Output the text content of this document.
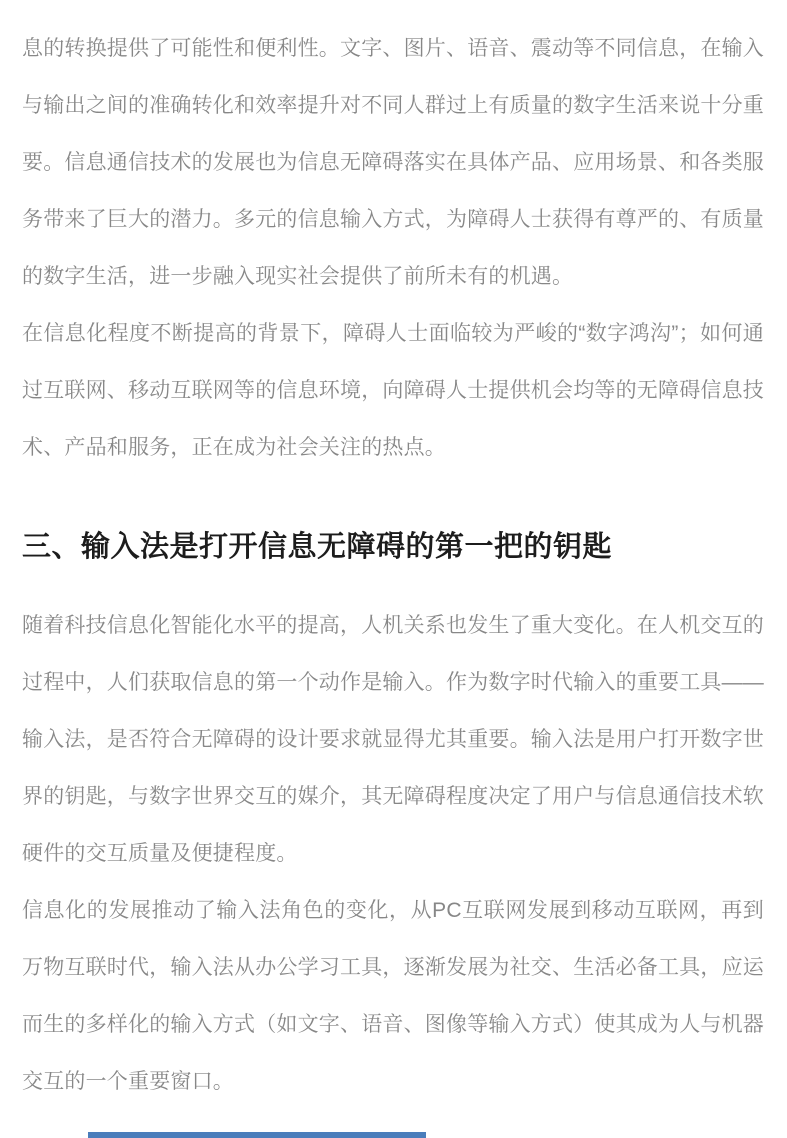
息的转换提供了可能性和便利性。文字、图片、语音、震动等不同信息，在输入与输出之间的准确转化和效率提升对不同人群过上有质量的数字生活来说十分重要。信息通信技术的发展也为信息无障碍落实在具体产品、应用场景、和各类服务带来了巨大的潜力。多元的信息输入方式，为障碍人士获得有尊严的、有质量的数字生活，进一步融入现实社会提供了前所未有的机遇。

在信息化程度不断提高的背景下，障碍人士面临较为严峻的“数字鸿沟”；如何通过互联网、移动互联网等的信息环境，向障碍人士提供机会均等的无障碍信息技术、产品和服务，正在成为社会关注的热点。

三、输入法是打开信息无障碍的第一把的钥匙

随着科技信息化智能化水平的提高，人机关系也发生了重大变化。在人机交互的过程中，人们获取信息的第一个动作是输入。作为数字时代输入的重要工具——输入法，是否符合无障碍的设计要求就显得尤其重要。输入法是用户打开数字世界的钥匙，与数字世界交互的媒介，其无障碍程度决定了用户与信息通信技术软硬件的交互质量及便捷程度。

信息化的发展推动了输入法角色的变化，从PC互联网发展到移动互联网，再到万物互联时代，输入法从办公学习工具，逐渐发展为社交、生活必备工具，应运而生的多样化的输入方式（如文字、语音、图像等输入方式）使其成为人与机器交互的一个重要窗口。
